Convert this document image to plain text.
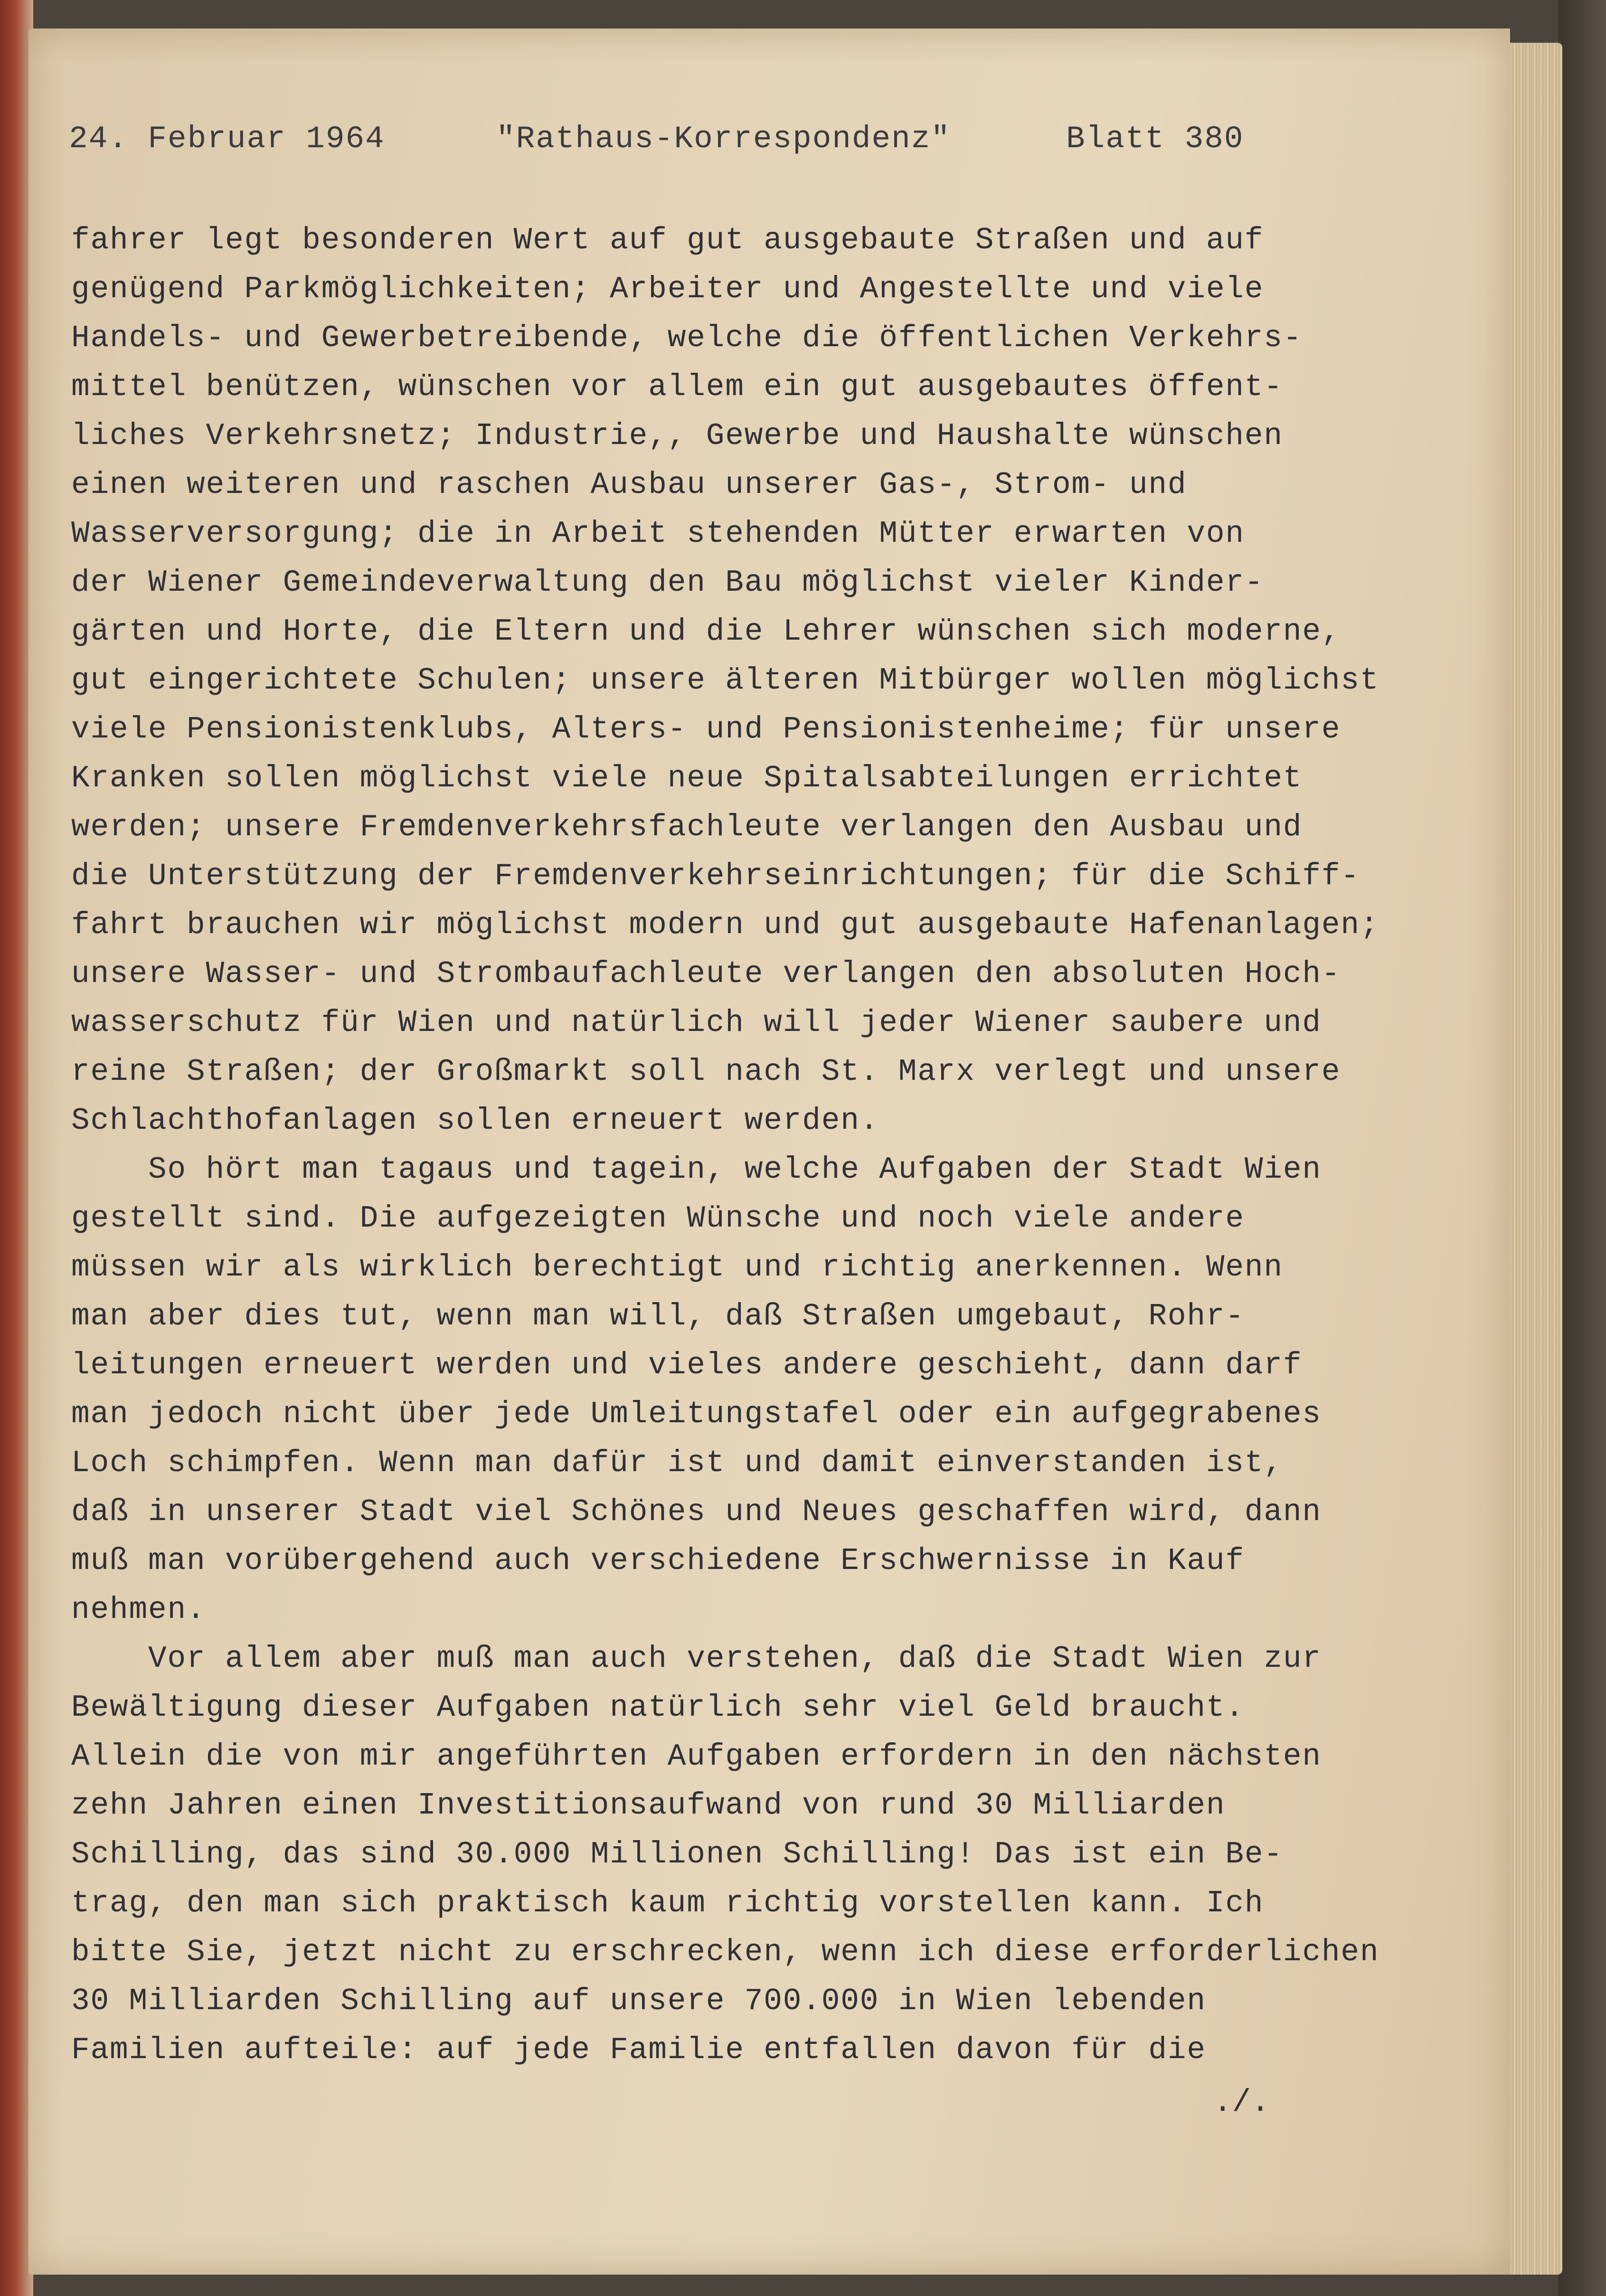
24. Februar 1964	"Rathaus-Korrespondenz"	Blatt 380
fahrer legt besonderen Wert auf gut ausgebaute Straßen und auf
genügend Parkmöglichkeiten; Arbeiter und Angestellte und viele
Handels- und Gewerbetreibende, welche die öffentlichen Verkehrs-
mittel benützen, wünschen vor allem ein gut ausgebautes öffent-
liches Verkehrsnetz; Industrie,, Gewerbe und Haushalte wünschen
einen weiteren und raschen Ausbau unserer Gas-, Strom- und
Wasserversorgung; die in Arbeit stehenden Mütter erwarten von
der Wiener Gemeindeverwaltung den Bau möglichst vieler Kinder-
gärten und Horte, die Eltern und die Lehrer wünschen sich moderne,
gut eingerichtete Schulen; unsere älteren Mitbürger wollen möglichst
viele Pensionistenklubs, Alters- und Pensionistenheime; für unsere
Kranken sollen möglichst viele neue Spitalsabteilungen errichtet
werden; unsere Fremdenverkehrsfachleute verlangen den Ausbau und
die Unterstützung der Fremdenverkehrseinrichtungen; für die Schiff-
fahrt brauchen wir möglichst modern und gut ausgebaute Hafenanlagen;
unsere Wasser- und Strombaufachleute verlangen den absoluten Hoch-
wasserschutz für Wien und natürlich will jeder Wiener saubere und
reine Straßen; der Großmarkt soll nach St. Marx verlegt und unsere
Schlachthofanlagen sollen erneuert werden.
So hört man tagaus und tagein, welche Aufgaben der Stadt Wien
gestellt sind. Die aufgezeigten Wünsche und noch viele andere
müssen wir als wirklich berechtigt und richtig anerkennen. Wenn
man aber dies tut, wenn man will, daß Straßen umgebaut, Rohr-
leitungen erneuert werden und vieles andere geschieht, dann darf
man jedoch nicht über jede Umleitungstafel oder ein aufgegrabenes
Loch schimpfen. Wenn man dafür ist und damit einverstanden ist,
daß in unserer Stadt viel Schönes und Neues geschaffen wird, dann
muß man vorübergehend auch verschiedene Erschwernisse in Kauf
nehmen.
Vor allem aber muß man auch verstehen, daß die Stadt Wien zur
Bewältigung dieser Aufgaben natürlich sehr viel Geld braucht.
Allein die von mir angeführten Aufgaben erfordern in den nächsten
zehn Jahren einen Investitionsaufwand von rund 30 Milliarden
Schilling, das sind 30.000 Millionen Schilling! Das ist ein Be-
trag, den man sich praktisch kaum richtig vorstellen kann. Ich
bitte Sie, jetzt nicht zu erschrecken, wenn ich diese erforderlichen
30 Milliarden Schilling auf unsere 700.000 in Wien lebenden
Familien aufteile: auf jede Familie entfallen davon für die
./.
